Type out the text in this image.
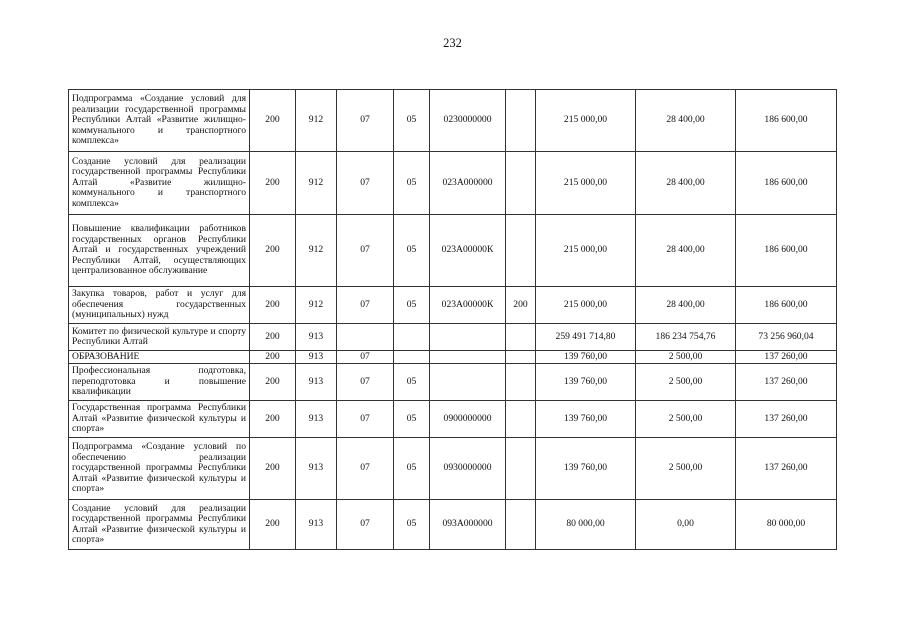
232
Подпрограмма «Создание условий для реализации государственной программы Республики Алтай «Развитие жилищно-коммунального и транспортного комплекса»	200	912	07	05	0230000000		215 000,00	28 400,00	186 600,00
Создание условий для реализации государственной программы Республики Алтай «Развитие жилищно-коммунального и транспортного комплекса»	200	912	07	05	023А000000		215 000,00	28 400,00	186 600,00
Повышение квалификации работников государственных органов Республики Алтай и государственных учреждений Республики Алтай, осуществляющих централизованное обслуживание	200	912	07	05	023А00000К		215 000,00	28 400,00	186 600,00
Закупка товаров, работ и услуг для обеспечения государственных (муниципальных) нужд	200	912	07	05	023А00000К	200	215 000,00	28 400,00	186 600,00
Комитет по физической культуре и спорту Республики Алтай	200	913					259 491 714,80	186 234 754,76	73 256 960,04
ОБРАЗОВАНИЕ	200	913	07				139 760,00	2 500,00	137 260,00
Профессиональная подготовка, переподготовка и повышение квалификации	200	913	07	05			139 760,00	2 500,00	137 260,00
Государственная программа Республики Алтай «Развитие физической культуры и спорта»	200	913	07	05	0900000000		139 760,00	2 500,00	137 260,00
Подпрограмма «Создание условий по обеспечению реализации государственной программы Республики Алтай «Развитие физической культуры и спорта»	200	913	07	05	0930000000		139 760,00	2 500,00	137 260,00
Создание условий для реализации государственной программы Республики Алтай «Развитие физической культуры и спорта»	200	913	07	05	093А000000		80 000,00	0,00	80 000,00
